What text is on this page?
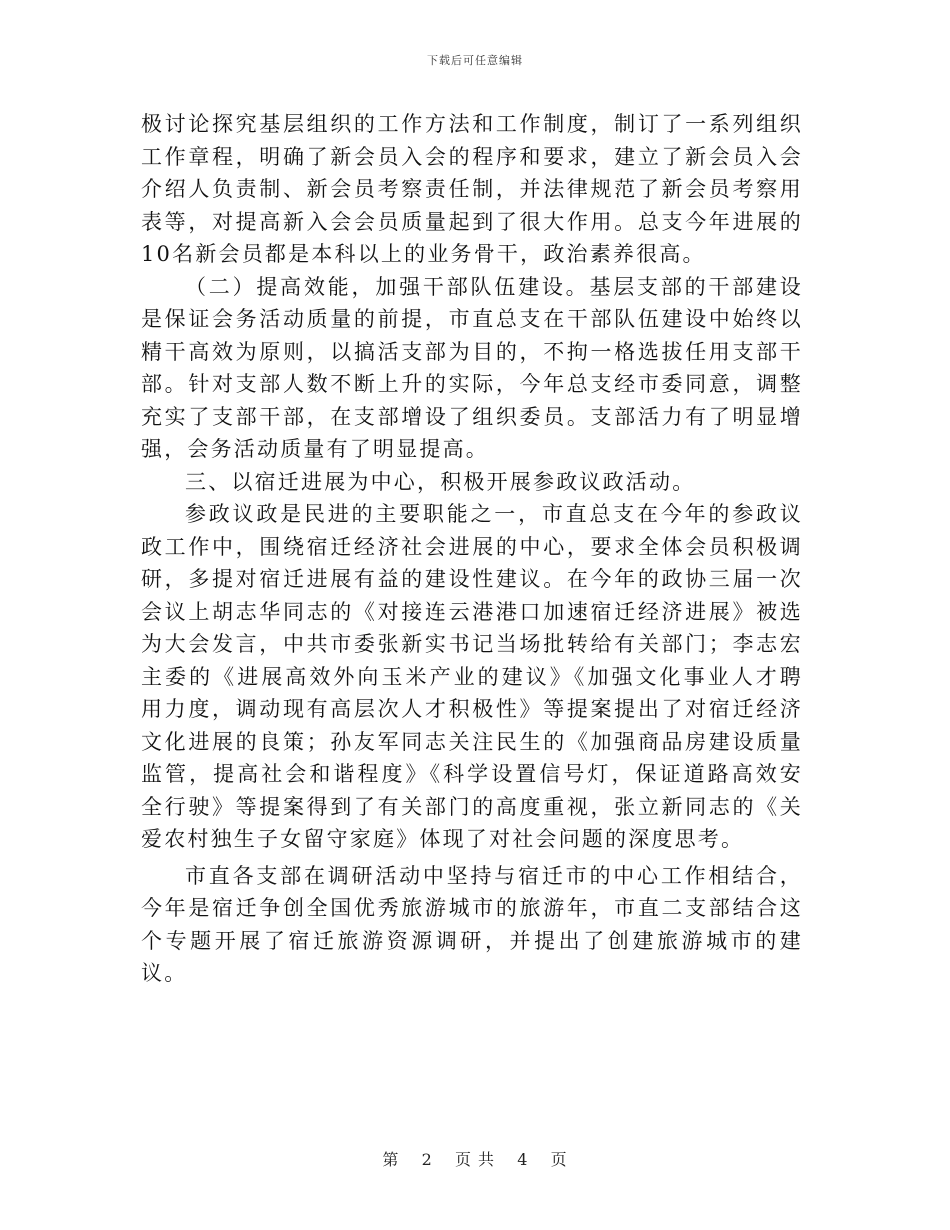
下载后可任意编辑

极讨论探究基层组织的工作方法和工作制度，制订了一系列组织工作章程，明确了新会员入会的程序和要求，建立了新会员入会介绍人负责制、新会员考察责任制，并法律规范了新会员考察用表等，对提高新入会会员质量起到了很大作用。总支今年进展的10名新会员都是本科以上的业务骨干，政治素养很高。

（二）提高效能，加强干部队伍建设。基层支部的干部建设是保证会务活动质量的前提，市直总支在干部队伍建设中始终以精干高效为原则，以搞活支部为目的，不拘一格选拔任用支部干部。针对支部人数不断上升的实际，今年总支经市委同意，调整充实了支部干部，在支部增设了组织委员。支部活力有了明显增强，会务活动质量有了明显提高。

三、以宿迁进展为中心，积极开展参政议政活动。

参政议政是民进的主要职能之一，市直总支在今年的参政议政工作中，围绕宿迁经济社会进展的中心，要求全体会员积极调研，多提对宿迁进展有益的建设性建议。在今年的政协三届一次会议上胡志华同志的《对接连云港港口加速宿迁经济进展》被选为大会发言，中共市委张新实书记当场批转给有关部门；李志宏主委的《进展高效外向玉米产业的建议》《加强文化事业人才聘用力度，调动现有高层次人才积极性》等提案提出了对宿迁经济文化进展的良策；孙友军同志关注民生的《加强商品房建设质量监管，提高社会和谐程度》《科学设置信号灯，保证道路高效安全行驶》等提案得到了有关部门的高度重视，张立新同志的《关爱农村独生子女留守家庭》体现了对社会问题的深度思考。

市直各支部在调研活动中坚持与宿迁市的中心工作相结合，今年是宿迁争创全国优秀旅游城市的旅游年，市直二支部结合这个专题开展了宿迁旅游资源调研，并提出了创建旅游城市的建议。

第 2 页 共 4 页
